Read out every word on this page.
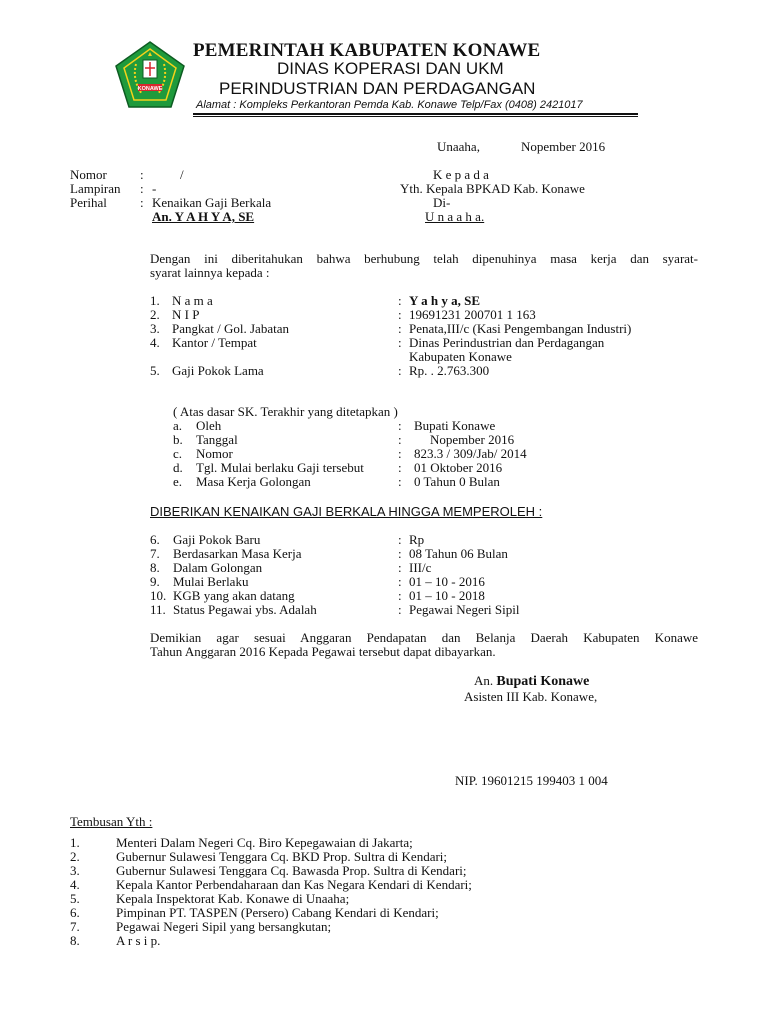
KONAWE
PEMERINTAH KABUPATEN KONAWE
DINAS KOPERASI DAN UKM
PERINDUSTRIAN DAN PERDAGANGAN
Alamat : Kompleks Perkantoran Pemda Kab. Konawe Telp/Fax (0408) 2421017
Unaaha,	Nopember 2016
Nomor	:	/
Lampiran : -
Perihal	: Kenaikan Gaji Berkala
An. Y A H Y A, SE
K e p a d a
Yth. Kepala BPKAD Kab. Konawe
Di-
U n a a h a.
Dengan ini diberitahukan bahwa berhubung telah dipenuhinya masa kerja dan syarat-
syarat lainnya kepada :
1. N a m a	: Y a h y a, SE
2. N I P	: 19691231 200701 1 163
3. Pangkat / Gol. Jabatan	: Penata,III/c (Kasi Pengembangan Industri)
4. Kantor / Tempat	: Dinas Perindustrian dan Perdagangan
Kabupaten Konawe
5. Gaji Pokok Lama	: Rp. . 2.763.300
( Atas dasar SK. Terakhir yang ditetapkan )
a. Oleh	: Bupati Konawe
b. Tanggal	: Nopember 2016
c. Nomor	: 823.3 / 309/Jab/ 2014
d. Tgl. Mulai berlaku Gaji tersebut	: 01 Oktober 2016
e. Masa Kerja Golongan	: 0 Tahun 0 Bulan
DIBERIKAN KENAIKAN GAJI BERKALA HINGGA MEMPEROLEH :
6. Gaji Pokok Baru	: Rp
7. Berdasarkan Masa Kerja	: 08 Tahun 06 Bulan
8. Dalam Golongan	: III/c
9. Mulai Berlaku	: 01 – 10 - 2016
10. KGB yang akan datang	: 01 – 10 - 2018
11. Status Pegawai ybs. Adalah	: Pegawai Negeri Sipil
Demikian agar sesuai Anggaran Pendapatan dan Belanja Daerah Kabupaten Konawe
Tahun Anggaran 2016 Kepada Pegawai tersebut dapat dibayarkan.
An. Bupati Konawe
Asisten III Kab. Konawe,
NIP. 19601215 199403 1 004
Tembusan Yth :
1.	Menteri Dalam Negeri Cq. Biro Kepegawaian di Jakarta;
2.	Gubernur Sulawesi Tenggara Cq. BKD Prop. Sultra di Kendari;
3.	Gubernur Sulawesi Tenggara Cq. Bawasda Prop. Sultra di Kendari;
4.	Kepala Kantor Perbendaharaan dan Kas Negara Kendari di Kendari;
5.	Kepala Inspektorat Kab. Konawe di Unaaha;
6.	Pimpinan PT. TASPEN (Persero) Cabang Kendari di Kendari;
7.	Pegawai Negeri Sipil yang bersangkutan;
8.	A r s i p.
